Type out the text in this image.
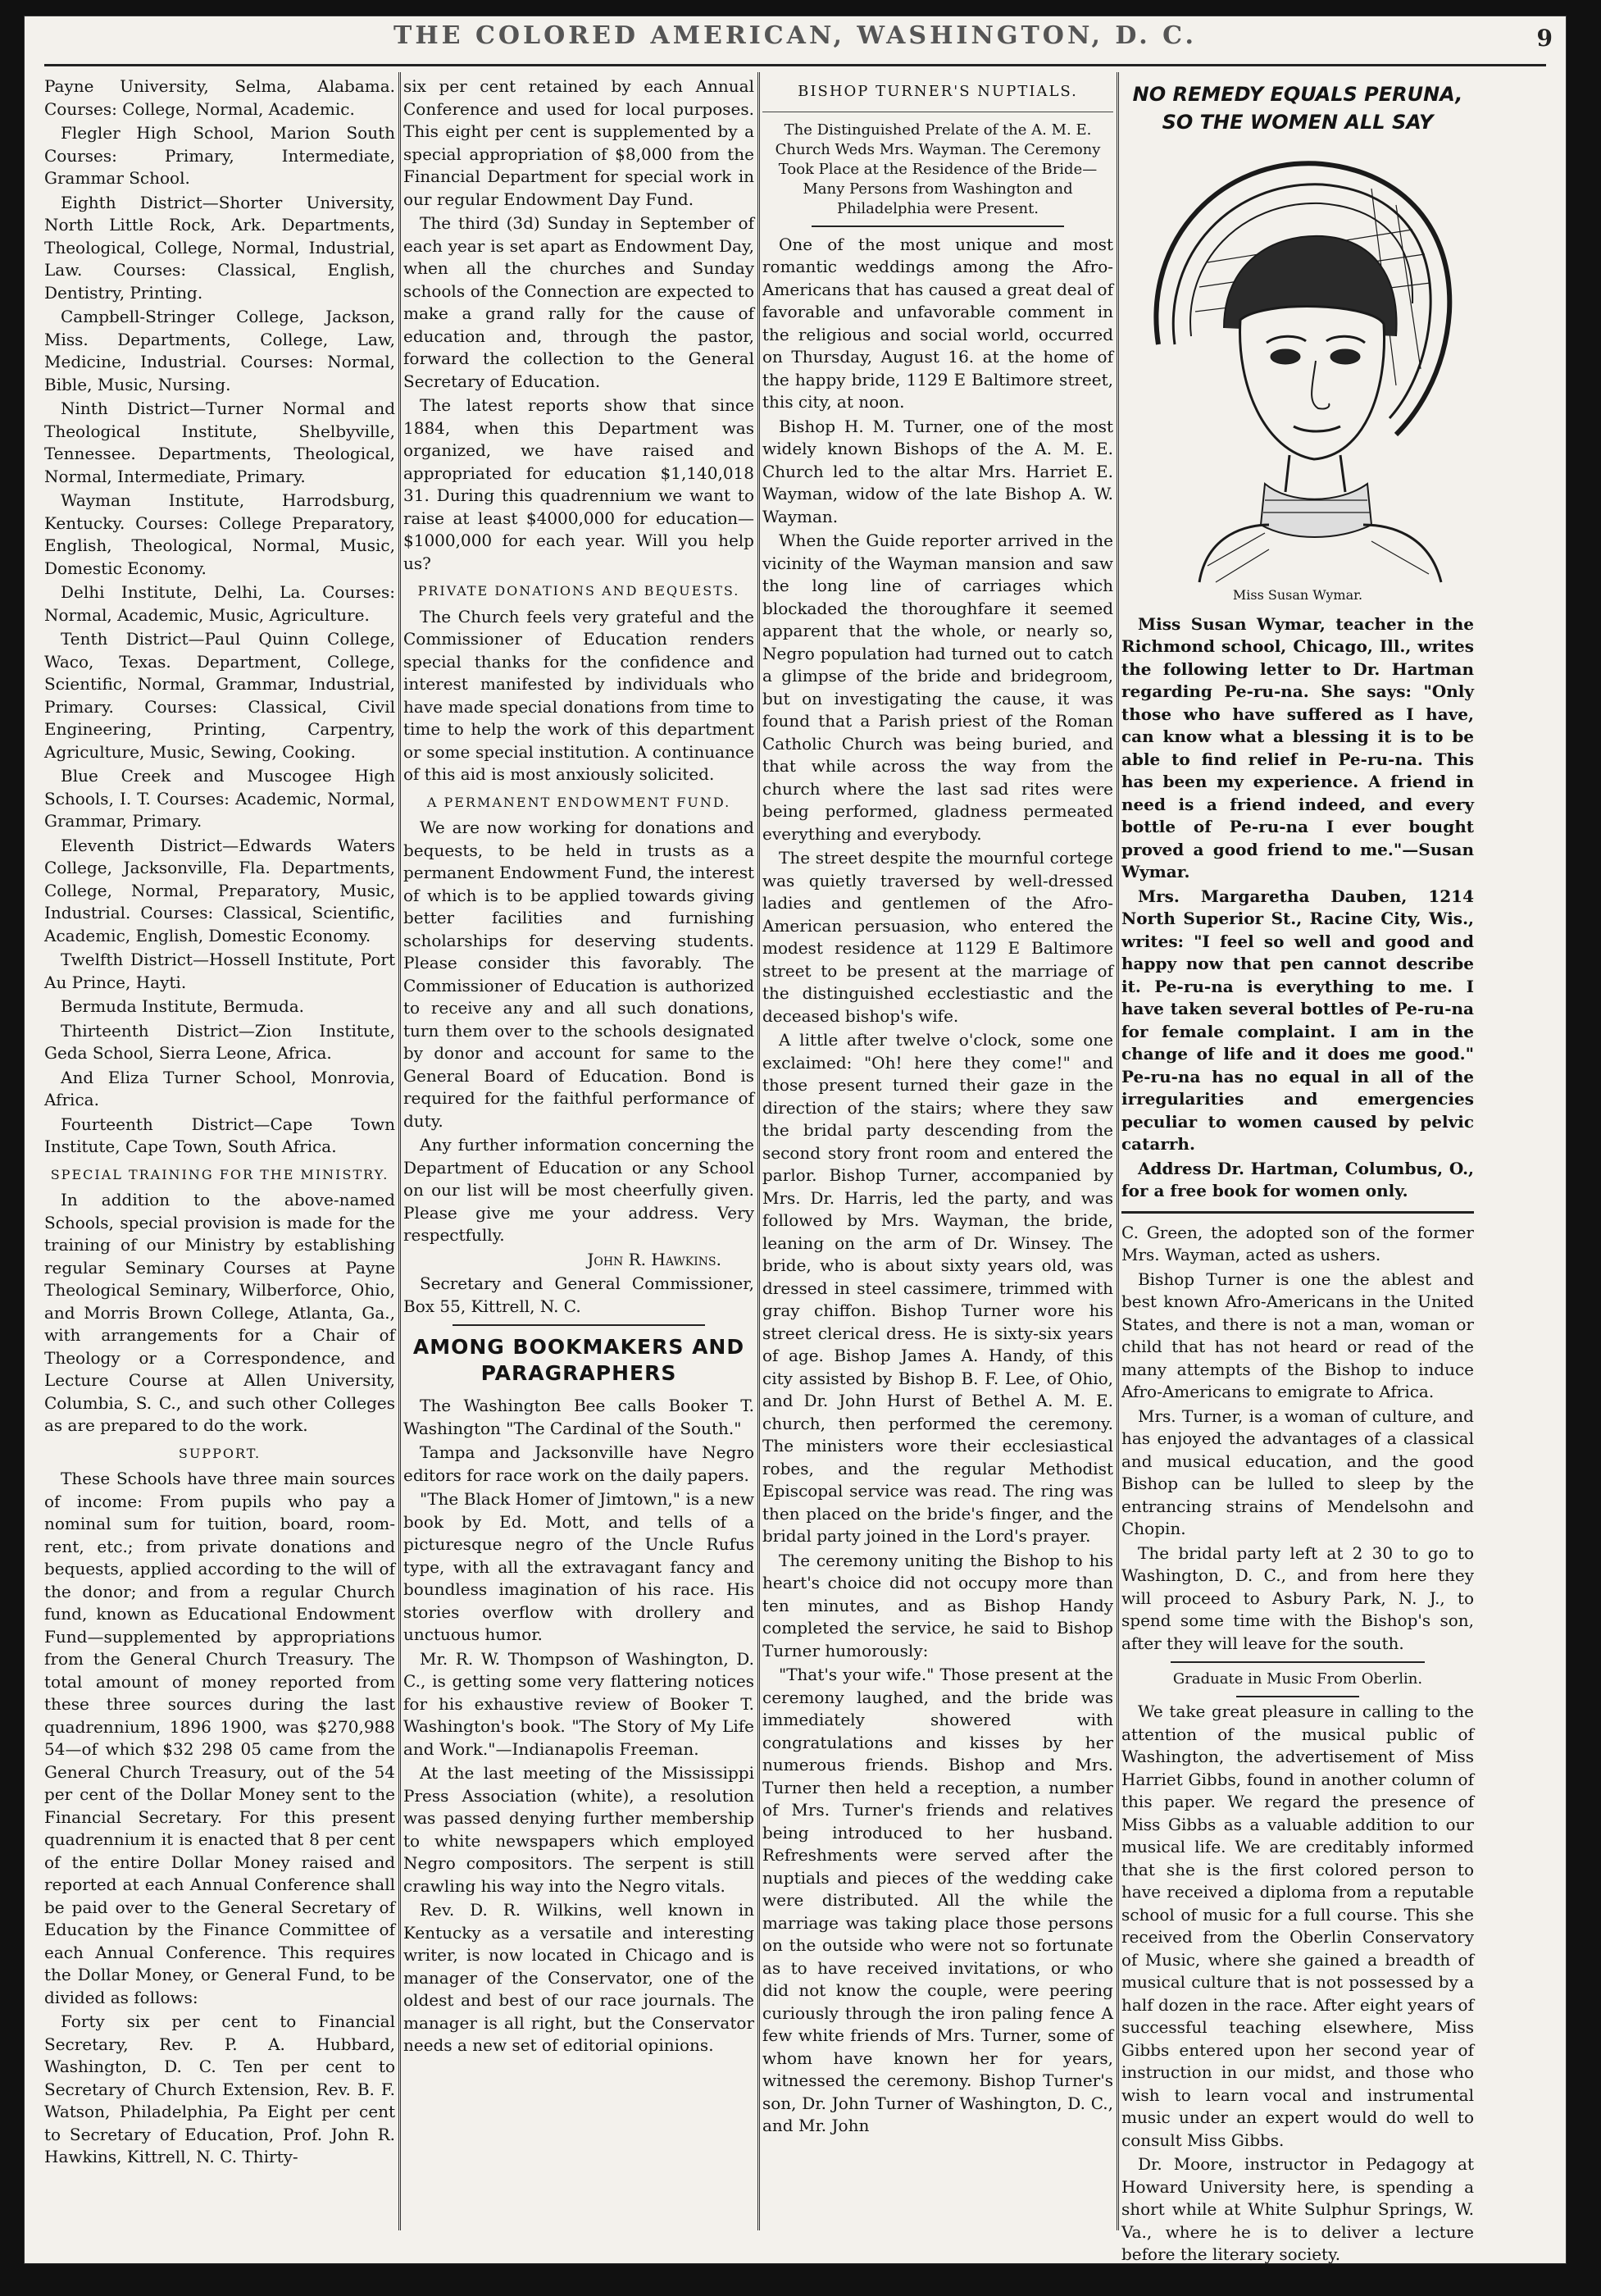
THE COLORED AMERICAN, WASHINGTON, D. C.	9

Payne University, Selma, Alabama. Courses: College, Normal, Academic.

Flegler High School, Marion South Courses: Primary, Intermediate, Grammar School.

Eighth District—Shorter University, North Little Rock, Ark. Departments, Theological, College, Normal, Industrial, Law. Courses: Classical, English, Dentistry, Printing.

Campbell-Stringer College, Jackson, Miss. Departments, College, Law, Medicine, Industrial. Courses: Normal, Bible, Music, Nursing.

Ninth District—Turner Normal and Theological Institute, Shelbyville, Tennessee. Departments, Theological, Normal, Intermediate, Primary.

Wayman Institute, Harrodsburg, Kentucky. Courses: College Preparatory, English, Theological, Normal, Music, Domestic Economy.

Delhi Institute, Delhi, La. Courses: Normal, Academic, Music, Agriculture.

Tenth District—Paul Quinn College, Waco, Texas. Department, College, Scientific, Normal, Grammar, Industrial, Primary. Courses: Classical, Civil Engineering, Printing, Carpentry, Agriculture, Music, Sewing, Cooking.

Blue Creek and Muscogee High Schools, I. T. Courses: Academic, Normal, Grammar, Primary.

Eleventh District—Edwards Waters College, Jacksonville, Fla. Departments, College, Normal, Preparatory, Music, Industrial. Courses: Classical, Scientific, Academic, English, Domestic Economy.

Twelfth District—Hossell Institute, Port Au Prince, Hayti.

Bermuda Institute, Bermuda.

Thirteenth District—Zion Institute, Geda School, Sierra Leone, Africa.

And Eliza Turner School, Monrovia, Africa.

Fourteenth District—Cape Town Institute, Cape Town, South Africa.

SPECIAL TRAINING FOR THE MINISTRY.

In addition to the above-named Schools, special provision is made for the training of our Ministry by establishing regular Seminary Courses at Payne Theological Seminary, Wilberforce, Ohio, and Morris Brown College, Atlanta, Ga., with arrangements for a Chair of Theology or a Correspondence, and Lecture Course at Allen University, Columbia, S. C., and such other Colleges as are prepared to do the work.

SUPPORT.

These Schools have three main sources of income: From pupils who pay a nominal sum for tuition, board, room-rent, etc.; from private donations and bequests, applied according to the will of the donor; and from a regular Church fund, known as Educational Endowment Fund—supplemented by appropriations from the General Church Treasury. The total amount of money reported from these three sources during the last quadrennium, 1896 1900, was $270,988 54—of which $32 298 05 came from the General Church Treasury, out of the 54 per cent of the Dollar Money sent to the Financial Secretary. For this present quadrennium it is enacted that 8 per cent of the entire Dollar Money raised and reported at each Annual Conference shall be paid over to the General Secretary of Education by the Finance Committee of each Annual Conference. This requires the Dollar Money, or General Fund, to be divided as follows:

Forty six per cent to Financial Secretary, Rev. P. A. Hubbard, Washington, D. C. Ten per cent to Secretary of Church Extension, Rev. B. F. Watson, Philadelphia, Pa Eight per cent to Secretary of Education, Prof. John R. Hawkins, Kittrell, N. C. Thirty-

six per cent retained by each Annual Conference and used for local purposes. This eight per cent is supplemented by a special appropriation of $8,000 from the Financial Department for special work in our regular Endowment Day Fund.

The third (3d) Sunday in September of each year is set apart as Endowment Day, when all the churches and Sunday schools of the Connection are expected to make a grand rally for the cause of education and, through the pastor, forward the collection to the General Secretary of Education.

The latest reports show that since 1884, when this Department was organized, we have raised and appropriated for education $1,140,018 31. During this quadrennium we want to raise at least $4000,000 for education—$1000,000 for each year. Will you help us?

PRIVATE DONATIONS AND BEQUESTS.

The Church feels very grateful and the Commissioner of Education renders special thanks for the confidence and interest manifested by individuals who have made special donations from time to time to help the work of this department or some special institution. A continuance of this aid is most anxiously solicited.

A PERMANENT ENDOWMENT FUND.

We are now working for donations and bequests, to be held in trusts as a permanent Endowment Fund, the interest of which is to be applied towards giving better facilities and furnishing scholarships for deserving students. Please consider this favorably. The Commissioner of Education is authorized to receive any and all such donations, turn them over to the schools designated by donor and account for same to the General Board of Education. Bond is required for the faithful performance of duty.

Any further information concerning the Department of Education or any School on our list will be most cheerfully given. Please give me your address. Very respectfully.

John R. Hawkins.

Secretary and General Commissioner, Box 55, Kittrell, N. C.

AMONG BOOKMAKERS AND PARAGRAPHERS

The Washington Bee calls Booker T. Washington "The Cardinal of the South."

Tampa and Jacksonville have Negro editors for race work on the daily papers.

"The Black Homer of Jimtown," is a new book by Ed. Mott, and tells of a picturesque negro of the Uncle Rufus type, with all the extravagant fancy and boundless imagination of his race. His stories overflow with drollery and unctuous humor.

Mr. R. W. Thompson of Washington, D. C., is getting some very flattering notices for his exhaustive review of Booker T. Washington's book. "The Story of My Life and Work."—Indianapolis Freeman.

At the last meeting of the Mississippi Press Association (white), a resolution was passed denying further membership to white newspapers which employed Negro compositors. The serpent is still crawling his way into the Negro vitals.

Rev. D. R. Wilkins, well known in Kentucky as a versatile and interesting writer, is now located in Chicago and is manager of the Conservator, one of the oldest and best of our race journals. The manager is all right, but the Conservator needs a new set of editorial opinions.

BISHOP TURNER'S NUPTIALS.
The Distinguished Prelate of the A. M. E. Church Weds Mrs. Wayman. The Ceremony Took Place at the Residence of the Bride—Many Persons from Washington and Philadelphia were Present.

One of the most unique and most romantic weddings among the Afro-Americans that has caused a great deal of favorable and unfavorable comment in the religious and social world, occurred on Thursday, August 16. at the home of the happy bride, 1129 E Baltimore street, this city, at noon.

Bishop H. M. Turner, one of the most widely known Bishops of the A. M. E. Church led to the altar Mrs. Harriet E. Wayman, widow of the late Bishop A. W. Wayman.

When the Guide reporter arrived in the vicinity of the Wayman mansion and saw the long line of carriages which blockaded the thoroughfare it seemed apparent that the whole, or nearly so, Negro population had turned out to catch a glimpse of the bride and bridegroom, but on investigating the cause, it was found that a Parish priest of the Roman Catholic Church was being buried, and that while across the way from the church where the last sad rites were being performed, gladness permeated everything and everybody.

The street despite the mournful cortege was quietly traversed by well-dressed ladies and gentlemen of the Afro-American persuasion, who entered the modest residence at 1129 E Baltimore street to be present at the marriage of the distinguished ecclestiastic and the deceased bishop's wife.

A little after twelve o'clock, some one exclaimed: "Oh! here they come!" and those present turned their gaze in the direction of the stairs; where they saw the bridal party descending from the second story front room and entered the parlor. Bishop Turner, accompanied by Mrs. Dr. Harris, led the party, and was followed by Mrs. Wayman, the bride, leaning on the arm of Dr. Winsey. The bride, who is about sixty years old, was dressed in steel cassimere, trimmed with gray chiffon. Bishop Turner wore his street clerical dress. He is sixty-six years of age. Bishop James A. Handy, of this city assisted by Bishop B. F. Lee, of Ohio, and Dr. John Hurst of Bethel A. M. E. church, then performed the ceremony. The ministers wore their ecclesiastical robes, and the regular Methodist Episcopal service was read. The ring was then placed on the bride's finger, and the bridal party joined in the Lord's prayer.

The ceremony uniting the Bishop to his heart's choice did not occupy more than ten minutes, and as Bishop Handy completed the service, he said to Bishop Turner humorously:

"That's your wife." Those present at the ceremony laughed, and the bride was immediately showered with congratulations and kisses by her numerous friends. Bishop and Mrs. Turner then held a reception, a number of Mrs. Turner's friends and relatives being introduced to her husband. Refreshments were served after the nuptials and pieces of the wedding cake were distributed. All the while the marriage was taking place those persons on the outside who were not so fortunate as to have received invitations, or who did not know the couple, were peering curiously through the iron paling fence A few white friends of Mrs. Turner, some of whom have known her for years, witnessed the ceremony. Bishop Turner's son, Dr. John Turner of Washington, D. C., and Mr. John

NO REMEDY EQUALS PERUNA,
SO THE WOMEN ALL SAY
Miss Susan Wymar.

Miss Susan Wymar, teacher in the Richmond school, Chicago, Ill., writes the following letter to Dr. Hartman regarding Pe-ru-na. She says: "Only those who have suffered as I have, can know what a blessing it is to be able to find relief in Pe-ru-na. This has been my experience. A friend in need is a friend indeed, and every bottle of Pe-ru-na I ever bought proved a good friend to me."—Susan Wymar.

Mrs. Margaretha Dauben, 1214 North Superior St., Racine City, Wis., writes: "I feel so well and good and happy now that pen cannot describe it. Pe-ru-na is everything to me. I have taken several bottles of Pe-ru-na for female complaint. I am in the change of life and it does me good." Pe-ru-na has no equal in all of the irregularities and emergencies peculiar to women caused by pelvic catarrh.

Address Dr. Hartman, Columbus, O., for a free book for women only.

C. Green, the adopted son of the former Mrs. Wayman, acted as ushers.

Bishop Turner is one the ablest and best known Afro-Americans in the United States, and there is not a man, woman or child that has not heard or read of the many attempts of the Bishop to induce Afro-Americans to emigrate to Africa.

Mrs. Turner, is a woman of culture, and has enjoyed the advantages of a classical and musical education, and the good Bishop can be lulled to sleep by the entrancing strains of Mendelsohn and Chopin.

The bridal party left at 2 30 to go to Washington, D. C., and from here they will proceed to Asbury Park, N. J., to spend some time with the Bishop's son, after they will leave for the south.

Graduate in Music From Oberlin.

We take great pleasure in calling to the attention of the musical public of Washington, the advertisement of Miss Harriet Gibbs, found in another column of this paper. We regard the presence of Miss Gibbs as a valuable addition to our musical life. We are creditably informed that she is the first colored person to have received a diploma from a reputable school of music for a full course. This she received from the Oberlin Conservatory of Music, where she gained a breadth of musical culture that is not possessed by a half dozen in the race. After eight years of successful teaching elsewhere, Miss Gibbs entered upon her second year of instruction in our midst, and those who wish to learn vocal and instrumental music under an expert would do well to consult Miss Gibbs.

Dr. Moore, instructor in Pedagogy at Howard University here, is spending a short while at White Sulphur Springs, W. Va., where he is to deliver a lecture before the literary society.
